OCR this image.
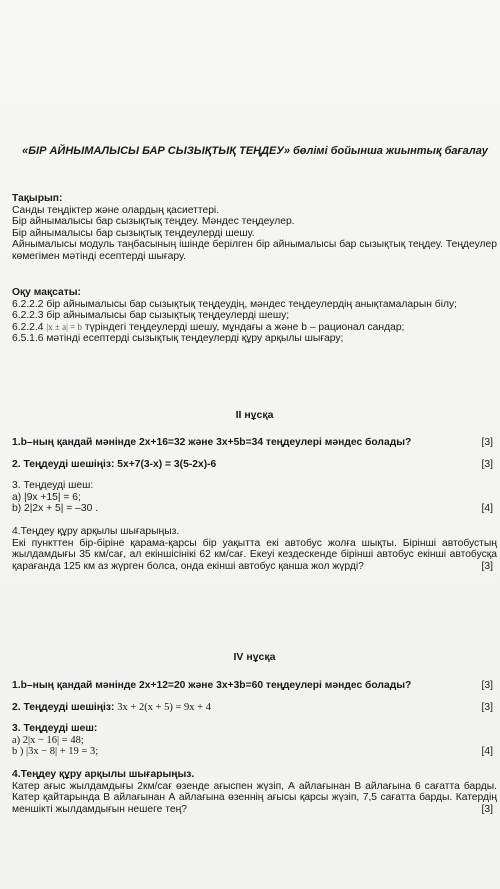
«БІР АЙНЫМАЛЫСЫ БАР СЫЗЫҚТЫҚ ТЕҢДЕУ» бөлімі бойынша жиынтық бағалау

Тақырып:

Санды теңдіктер және олардың қасиеттері.

Бір айнымалысы бар сызықтық теңдеу. Мәндес теңдеулер.

Бір айнымалысы бар сызықтық теңдеулерді шешу.

Айнымалысы модуль таңбасының ішінде берілген бір айнымалысы бар сызықтық теңдеу. Теңдеулер көмегімен мәтінді есептерді шығару.

Оқу мақсаты:

6.2.2.2 бір айнымалысы бар сызықтық теңдеудің, мәндес теңдеулердің анықтамаларын білу;

6.2.2.3 бір айнымалысы бар сызықтық теңдеулерді шешу;

6.2.2.4 |x ± a| = b түріндегі теңдеулерді шешу, мұндағы a және b – рационал сандар;

6.5.1.6 мәтінді есептерді сызықтық теңдеулерді құру арқылы шығару;

II нұсқа
1.b–ның қандай мәнінде 2x+16=32 және 3x+5b=34 теңдеулері мәндес болады?	[3]
2. Теңдеуді шешіңіз: 5x+7(3-x) = 3(5-2x)-6	[3]

3. Теңдеуді шеш:

а) |9x +15| = 6;

b) 2|2x + 5| = –30 .	[4]

4.Теңдеу құру арқылы шығарыңыз.

Екі пункттен бір-біріне қарама-қарсы бір уақытта екі автобус жолға шықты. Бірінші автобустың жылдамдығы 35 км/сағ, ал екіншісінікі 62 км/сағ. Екеуі кездескенде бірінші автобус екінші автобусқа қарағанда 125 км аз жүрген болса, онда екінші автобус қанша жол жүрді?	[3]
IV нұсқа
1.b–ның қандай мәнінде 2x+12=20 және 3x+3b=60 теңдеулері мәндес болады?	[3]
2. Теңдеуді шешіңіз: 3x + 2(x + 5) = 9x + 4	[3]

3. Теңдеуді шеш:

а) 2|x − 16| = 48;

b ) |3x − 8| + 19 = 3;	[4]

4.Теңдеу құру арқылы шығарыңыз.

Катер ағыс жылдамдығы 2км/сағ өзенде ағыспен жүзіп, А айлағынан В айлағына 6 сағатта барды. Катер қайтарында В айлағынан А айлағына өзеннің ағысы қарсы жүзіп, 7,5 сағатта барды. Катердің меншікті жылдамдығын нешеге тең?	[3]
